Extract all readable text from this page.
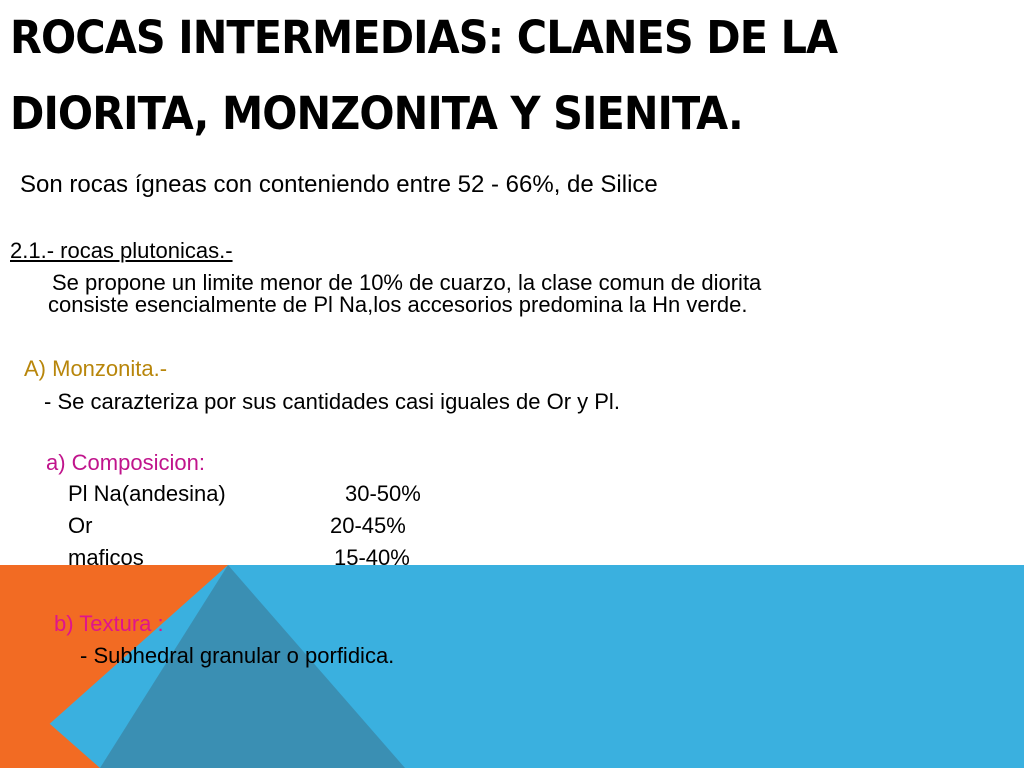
ROCAS INTERMEDIAS: CLANES DE LA
DIORITA, MONZONITA Y SIENITA.

Son rocas ígneas con conteniendo entre 52 - 66%, de Silice

2.1.- rocas plutonicas.-

Se propone un limite menor de 10% de cuarzo, la clase comun de diorita

consiste esencialmente de Pl Na,los accesorios predomina la Hn verde.

A) Monzonita.-

- Se carazteriza por sus cantidades casi iguales de Or y Pl.

a) Composicion:

Pl Na(andesina)	30-50%

Or	20-45%

maficos	15-40%

b) Textura :

- Subhedral granular o porfidica.
